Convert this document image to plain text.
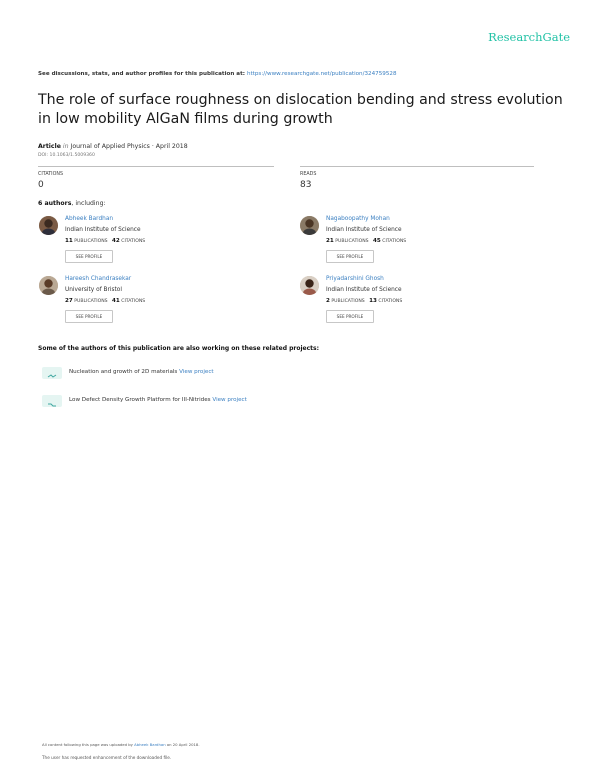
ResearchGate
See discussions, stats, and author profiles for this publication at: https://www.researchgate.net/publication/324759528
The role of surface roughness on dislocation bending and stress evolution in low mobility AlGaN films during growth
Article in Journal of Applied Physics · April 2018
DOI: 10.1063/1.5009360
CITATIONS
0
READS
83
6 authors, including:
Abheek Bardhan
Indian Institute of Science
11 PUBLICATIONS 42 CITATIONS
SEE PROFILE
Nagaboopathy Mohan
Indian Institute of Science
21 PUBLICATIONS 45 CITATIONS
SEE PROFILE
Hareesh Chandrasekar
University of Bristol
27 PUBLICATIONS 41 CITATIONS
SEE PROFILE
Priyadarshini Ghosh
Indian Institute of Science
2 PUBLICATIONS 13 CITATIONS
SEE PROFILE
Some of the authors of this publication are also working on these related projects:
Nucleation and growth of 2D materials View project
Low Defect Density Growth Platform for III-Nitrides View project
All content following this page was uploaded by Abheek Bardhan on 20 April 2018.
The user has requested enhancement of the downloaded file.
